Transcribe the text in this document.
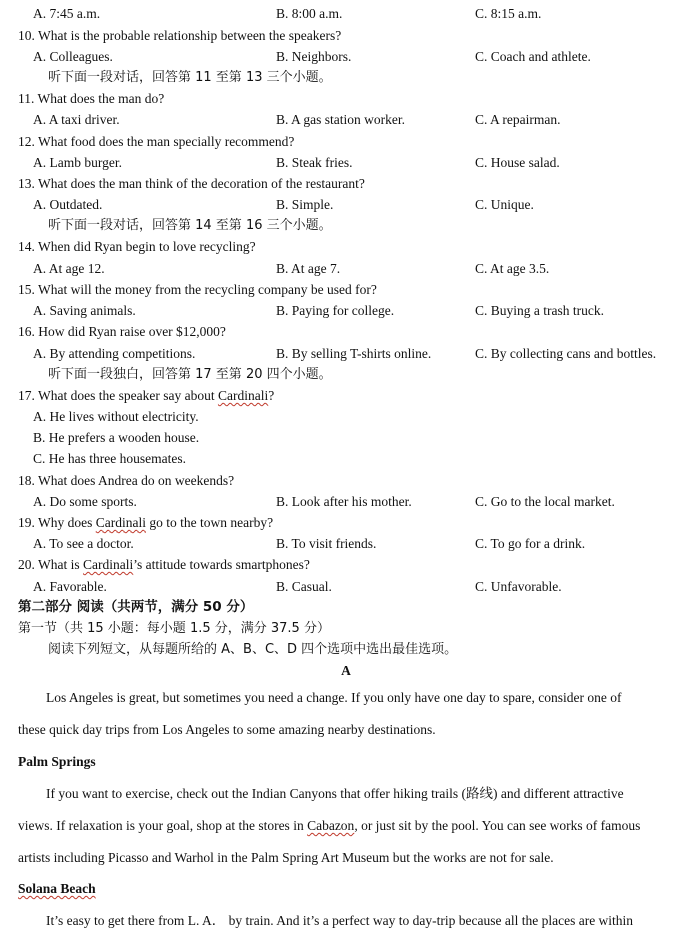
A. 7:45 a.m.	B. 8:00 a.m.	C. 8:15 a.m.
10. What is the probable relationship between the speakers?
A. Colleagues.	B. Neighbors.	C. Coach and athlete.
听下面一段对话，回答第 11 至第 13 三个小题。
11. What does the man do?
A. A taxi driver.	B. A gas station worker.	C. A repairman.
12. What food does the man specially recommend?
A. Lamb burger.	B. Steak fries.	C. House salad.
13. What does the man think of the decoration of the restaurant?
A. Outdated.	B. Simple.	C. Unique.
听下面一段对话，回答第 14 至第 16 三个小题。
14. When did Ryan begin to love recycling?
A. At age 12.	B. At age 7.	C. At age 3.5.
15. What will the money from the recycling company be used for?
A. Saving animals.	B. Paying for college.	C. Buying a trash truck.
16. How did Ryan raise over $12,000?
A. By attending competitions.	B. By selling T-shirts online.	C. By collecting cans and bottles.
听下面一段独白，回答第 17 至第 20 四个小题。
17. What does the speaker say about Cardinali?
A. He lives without electricity.
B. He prefers a wooden house.
C. He has three housemates.
18. What does Andrea do on weekends?
A. Do some sports.	B. Look after his mother.	C. Go to the local market.
19. Why does Cardinali go to the town nearby?
A. To see a doctor.	B. To visit friends.	C. To go for a drink.
20. What is Cardinali’s attitude towards smartphones?
A. Favorable.	B. Casual.	C. Unfavorable.
第二部分 阅读（共两节，满分 50 分）
第一节（共 15 小题：每小题 1.5 分，满分 37.5 分）
阅读下列短文，从每题所给的 A、B、C、D 四个选项中选出最佳选项。
A
Los Angeles is great, but sometimes you need a change. If you only have one day to spare, consider one of
these quick day trips from Los Angeles to some amazing nearby destinations.
Palm Springs
If you want to exercise, check out the Indian Canyons that offer hiking trails (路线) and different attractive
views. If relaxation is your goal, shop at the stores in Cabazon, or just sit by the pool. You can see works of famous
artists including Picasso and Warhol in the Palm Spring Art Museum but the works are not for sale.
Solana Beach
It’s easy to get there from L. A． by train. And it’s a perfect way to day-trip because all the places are within
